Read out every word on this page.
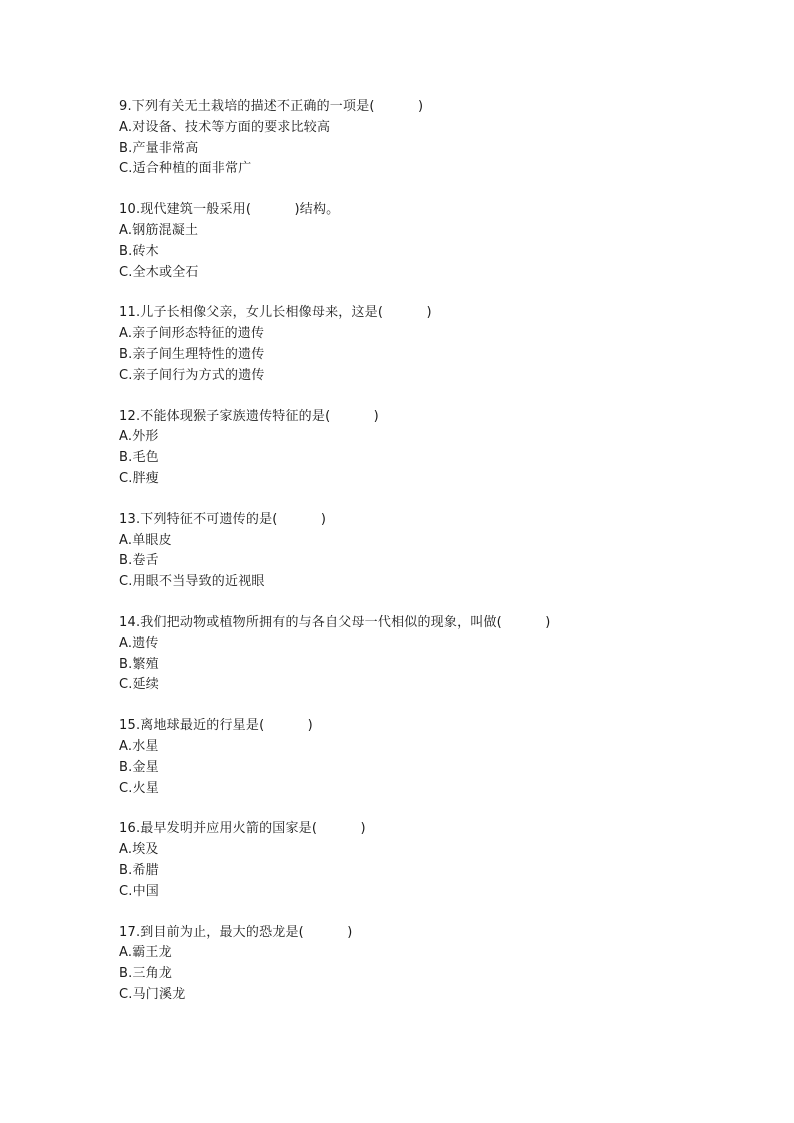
9.下列有关无土栽培的描述不正确的一项是(          )
A.对设备、技术等方面的要求比较高
B.产量非常高
C.适合种植的面非常广
10.现代建筑一般采用(          )结构。
A.钢筋混凝土
B.砖木
C.全木或全石
11.儿子长相像父亲，女儿长相像母来，这是(          )
A.亲子间形态特征的遗传
B.亲子间生理特性的遗传
C.亲子间行为方式的遗传
12.不能体现猴子家族遗传特征的是(          )
A.外形
B.毛色
C.胖瘦
13.下列特征不可遗传的是(          )
A.单眼皮
B.卷舌
C.用眼不当导致的近视眼
14.我们把动物或植物所拥有的与各自父母一代相似的现象，叫做(          )
A.遗传
B.繁殖
C.延续
15.离地球最近的行星是(          )
A.水星
B.金星
C.火星
16.最早发明并应用火箭的国家是(          )
A.埃及
B.希腊
C.中国
17.到目前为止，最大的恐龙是(          )
A.霸王龙
B.三角龙
C.马门溪龙
